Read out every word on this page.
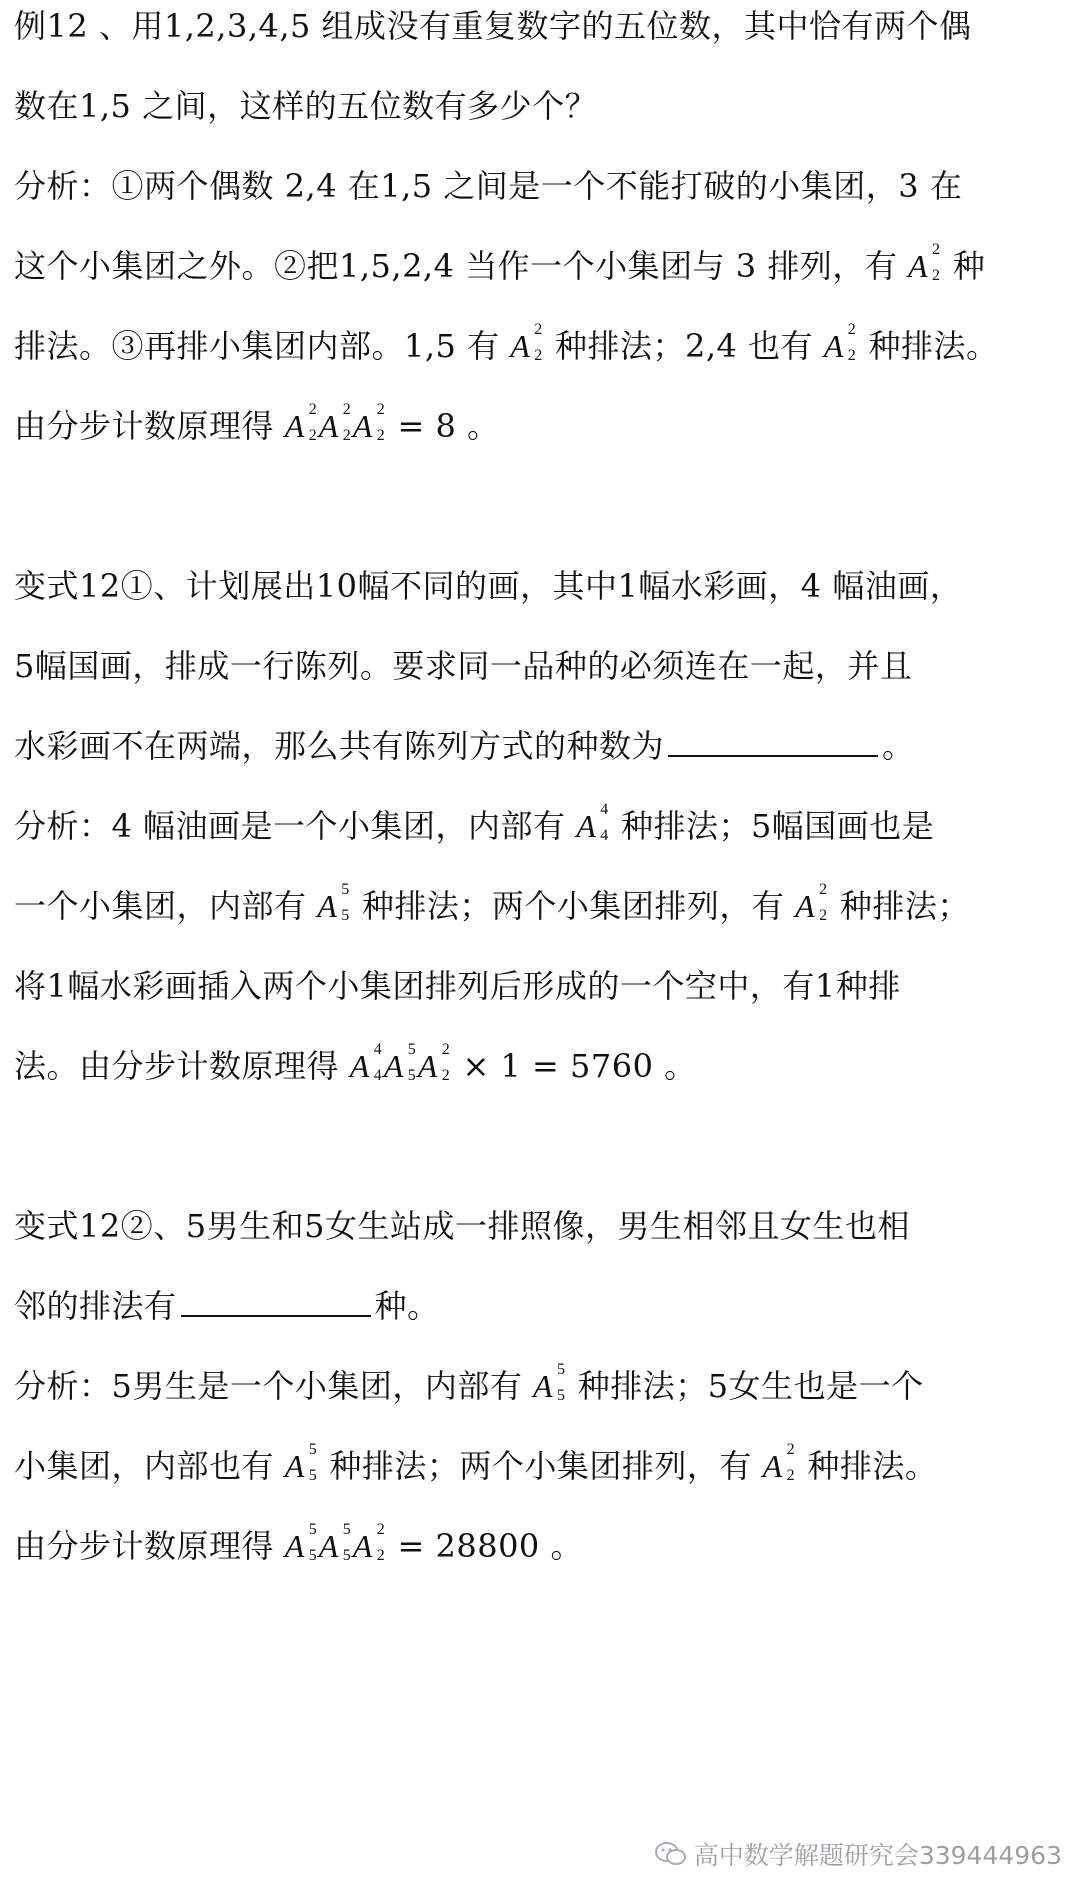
例12 、用1,2,3,4,5 组成没有重复数字的五位数，其中恰有两个偶
数在1,5 之间，这样的五位数有多少个？
分析：①两个偶数 2,4 在1,5 之间是一个不能打破的小集团，3 在
这个小集团之外。②把1,5,2,4 当作一个小集团与 3 排列，有 A 2
2 种
排法。③再排小集团内部。1,5 有 A 2
2 种排法；2,4 也有 A 2
2 种排法。
由分步计数原理得 A 2
2 A 2
2 A 2
2 = 8 。
变式12①、计划展出10幅不同的画，其中1幅水彩画，4 幅油画，
5幅国画，排成一行陈列。要求同一品种的必须连在一起，并且
水彩画不在两端，那么共有陈列方式的种数为	。
分析：4 幅油画是一个小集团，内部有 A 4
4 种排法；5幅国画也是
一个小集团，内部有 A 5
5 种排法；两个小集团排列，有 A 2
2 种排法；
将1幅水彩画插入两个小集团排列后形成的一个空中，有1种排
法。由分步计数原理得 A 4
4 A 5
5 A 2
2 × 1 = 5760 。
变式12②、5男生和5女生站成一排照像，男生相邻且女生也相
邻的排法有	种。
分析：5男生是一个小集团，内部有 A 5
5 种排法；5女生也是一个
小集团，内部也有 A 5
5 种排法；两个小集团排列，有 A 2
2 种排法。
由分步计数原理得 A 5
5 A 5
5 A 2
2 = 28800 。
高中数学解题研究会339444963
